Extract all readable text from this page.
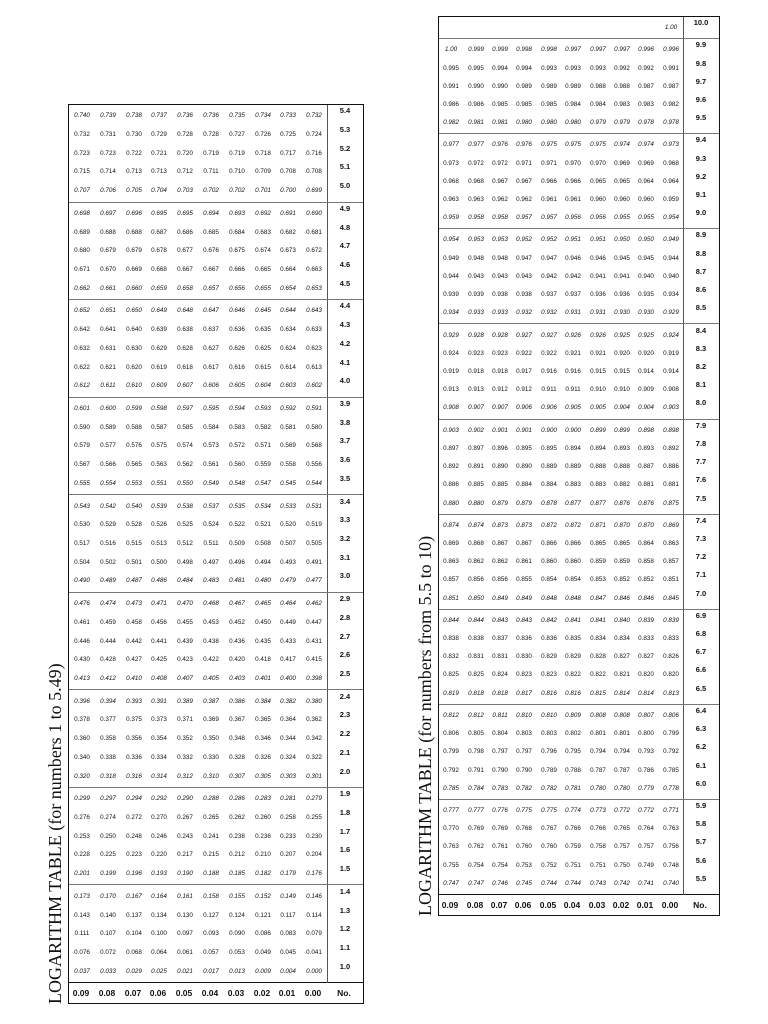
LOGARITHM TABLE (for numbers 1 to 5.49)	No.
0.00
0.01
0.02
0.03
0.04
0.05
0.06
0.07
0.08
0.09
1.0
0.000
0.004
0.009
0.013
0.017
0.021
0.025
0.029
0.033
0.037
1.1
0.041
0.045
0.049
0.053
0.057
0.061
0.064
0.068
0.072
0.076
1.2
0.079
0.083
0.086
0.090
0.093
0.097
0.100
0.104
0.107
0.111
1.3
0.114
0.117
0.121
0.124
0.127
0.130
0.134
0.137
0.140
0.143
1.4
0.146
0.149
0.152
0.155
0.158
0.161
0.164
0.167
0.170
0.173
1.5
0.176
0.179
0.182
0.185
0.188
0.190
0.193
0.196
0.199
0.201
1.6
0.204
0.207
0.210
0.212
0.215
0.217
0.220
0.223
0.225
0.228
1.7
0.230
0.233
0.236
0.238
0.241
0.243
0.246
0.248
0.250
0.253
1.8
0.255
0.258
0.260
0.262
0.265
0.267
0.270
0.272
0.274
0.276
1.9
0.279
0.281
0.283
0.286
0.288
0.290
0.292
0.294
0.297
0.299
2.0
0.301
0.303
0.305
0.307
0.310
0.312
0.314
0.316
0.318
0.320
2.1
0.322
0.324
0.326
0.328
0.330
0.332
0.334
0.336
0.338
0.340
2.2
0.342
0.344
0.346
0.348
0.350
0.352
0.354
0.356
0.358
0.360
2.3
0.362
0.364
0.365
0.367
0.369
0.371
0.373
0.375
0.377
0.378
2.4
0.380
0.382
0.384
0.386
0.387
0.389
0.391
0.393
0.394
0.396
2.5
0.398
0.400
0.401
0.403
0.405
0.407
0.408
0.410
0.412
0.413
2.6
0.415
0.417
0.418
0.420
0.422
0.423
0.425
0.427
0.428
0.430
2.7
0.431
0.433
0.435
0.436
0.438
0.439
0.441
0.442
0.444
0.446
2.8
0.447
0.449
0.450
0.452
0.453
0.455
0.456
0.458
0.459
0.461
2.9
0.462
0.464
0.465
0.467
0.468
0.470
0.471
0.473
0.474
0.476
3.0
0.477
0.479
0.480
0.481
0.483
0.484
0.486
0.487
0.489
0.490
3.1
0.491
0.493
0.494
0.496
0.497
0.498
0.500
0.501
0.502
0.504
3.2
0.505
0.507
0.508
0.509
0.511
0.512
0.513
0.515
0.516
0.517
3.3
0.519
0.520
0.521
0.522
0.524
0.525
0.526
0.528
0.529
0.530
3.4
0.531
0.533
0.534
0.535
0.537
0.538
0.539
0.540
0.542
0.543
3.5
0.544
0.545
0.547
0.548
0.549
0.550
0.551
0.553
0.554
0.555
3.6
0.556
0.558
0.559
0.560
0.561
0.562
0.563
0.565
0.566
0.567
3.7
0.568
0.569
0.571
0.572
0.573
0.574
0.575
0.576
0.577
0.579
3.8
0.580
0.581
0.582
0.583
0.584
0.585
0.587
0.588
0.589
0.590
3.9
0.591
0.592
0.593
0.594
0.595
0.597
0.598
0.599
0.600
0.601
4.0
0.602
0.603
0.604
0.605
0.606
0.607
0.609
0.610
0.611
0.612
4.1
0.613
0.614
0.615
0.616
0.617
0.618
0.619
0.620
0.621
0.622
4.2
0.623
0.624
0.625
0.626
0.627
0.628
0.629
0.630
0.631
0.632
4.3
0.633
0.634
0.635
0.636
0.637
0.638
0.639
0.640
0.641
0.642
4.4
0.643
0.644
0.645
0.646
0.647
0.648
0.649
0.650
0.651
0.652
4.5
0.653
0.654
0.655
0.656
0.657
0.658
0.659
0.660
0.661
0.662
4.6
0.663
0.664
0.665
0.666
0.667
0.667
0.668
0.669
0.670
0.671
4.7
0.672
0.673
0.674
0.675
0.676
0.677
0.678
0.679
0.679
0.680
4.8
0.681
0.682
0.683
0.684
0.685
0.686
0.687
0.688
0.688
0.689
4.9
0.690
0.691
0.692
0.693
0.694
0.695
0.695
0.696
0.697
0.698
5.0
0.699
0.700
0.701
0.702
0.702
0.703
0.704
0.705
0.706
0.707
5.1
0.708
0.708
0.709
0.710
0.711
0.712
0.713
0.713
0.714
0.715
5.2
0.716
0.717
0.718
0.719
0.719
0.720
0.721
0.722
0.723
0.723
5.3
0.724
0.725
0.726
0.727
0.728
0.728
0.729
0.730
0.731
0.732
5.4
0.732
0.733
0.734
0.735
0.736
0.736
0.737
0.738
0.739
0.740
LOGARITHM TABLE (for numbers from 5.5 to 10)	No.
0.00
0.01
0.02
0.03
0.04
0.05
0.06
0.07
0.08
0.09
5.5
0.740
0.741
0.742
0.743
0.744
0.744
0.745
0.746
0.747
0.747
5.6
0.748
0.749
0.750
0.751
0.751
0.752
0.753
0.754
0.754
0.755
5.7
0.756
0.757
0.757
0.758
0.759
0.760
0.760
0.761
0.762
0.763
5.8
0.763
0.764
0.765
0.766
0.766
0.767
0.768
0.769
0.769
0.770
5.9
0.771
0.772
0.772
0.773
0.774
0.775
0.775
0.776
0.777
0.777
6.0
0.778
0.779
0.780
0.780
0.781
0.782
0.782
0.783
0.784
0.785
6.1
0.785
0.786
0.787
0.787
0.788
0.789
0.790
0.790
0.791
0.792
6.2
0.792
0.793
0.794
0.794
0.795
0.796
0.797
0.797
0.798
0.799
6.3
0.799
0.800
0.801
0.801
0.802
0.803
0.803
0.804
0.805
0.806
6.4
0.806
0.807
0.808
0.808
0.809
0.810
0.810
0.811
0.812
0.812
6.5
0.813
0.814
0.814
0.815
0.816
0.816
0.817
0.818
0.818
0.819
6.6
0.820
0.820
0.821
0.822
0.822
0.823
0.823
0.824
0.825
0.825
6.7
0.826
0.827
0.827
0.828
0.829
0.829
0.830
0.831
0.831
0.832
6.8
0.833
0.833
0.834
0.834
0.835
0.836
0.836
0.837
0.838
0.838
6.9
0.839
0.839
0.840
0.841
0.841
0.842
0.843
0.843
0.844
0.844
7.0
0.845
0.846
0.846
0.847
0.848
0.848
0.849
0.849
0.850
0.851
7.1
0.851
0.852
0.852
0.853
0.854
0.854
0.855
0.856
0.856
0.857
7.2
0.857
0.858
0.859
0.859
0.860
0.860
0.861
0.862
0.862
0.863
7.3
0.863
0.864
0.865
0.865
0.866
0.866
0.867
0.867
0.868
0.869
7.4
0.869
0.870
0.870
0.871
0.872
0.872
0.873
0.873
0.874
0.874
7.5
0.875
0.876
0.876
0.877
0.877
0.878
0.879
0.879
0.880
0.880
7.6
0.881
0.881
0.882
0.883
0.883
0.884
0.884
0.885
0.885
0.886
7.7
0.886
0.887
0.888
0.888
0.889
0.889
0.890
0.890
0.891
0.892
7.8
0.892
0.893
0.893
0.894
0.894
0.895
0.895
0.896
0.897
0.897
7.9
0.898
0.898
0.899
0.899
0.900
0.900
0.901
0.901
0.902
0.903
8.0
0.903
0.904
0.904
0.905
0.905
0.906
0.906
0.907
0.907
0.908
8.1
0.908
0.909
0.910
0.910
0.911
0.911
0.912
0.912
0.913
0.913
8.2
0.914
0.914
0.915
0.915
0.916
0.916
0.917
0.918
0.918
0.919
8.3
0.919
0.920
0.920
0.921
0.921
0.922
0.922
0.923
0.923
0.924
8.4
0.924
0.925
0.925
0.926
0.926
0.927
0.927
0.928
0.928
0.929
8.5
0.929
0.930
0.930
0.931
0.931
0.932
0.932
0.933
0.933
0.934
8.6
0.934
0.935
0.936
0.936
0.937
0.937
0.938
0.938
0.939
0.939
8.7
0.940
0.940
0.941
0.941
0.942
0.942
0.943
0.943
0.943
0.944
8.8
0.944
0.945
0.945
0.946
0.946
0.947
0.947
0.948
0.948
0.949
8.9
0.949
0.950
0.950
0.951
0.951
0.952
0.952
0.953
0.953
0.954
9.0
0.954
0.955
0.955
0.956
0.956
0.957
0.957
0.958
0.958
0.959
9.1
0.959
0.960
0.960
0.960
0.961
0.961
0.962
0.962
0.963
0.963
9.2
0.964
0.964
0.965
0.965
0.966
0.966
0.967
0.967
0.968
0.968
9.3
0.968
0.969
0.969
0.970
0.970
0.971
0.971
0.972
0.972
0.973
9.4
0.973
0.974
0.974
0.975
0.975
0.975
0.976
0.976
0.977
0.977
9.5
0.978
0.978
0.979
0.979
0.980
0.980
0.980
0.981
0.981
0.982
9.6
0.982
0.983
0.983
0.984
0.984
0.985
0.985
0.985
0.986
0.986
9.7
0.987
0.987
0.988
0.988
0.989
0.989
0.989
0.990
0.990
0.991
9.8
0.991
0.992
0.992
0.993
0.993
0.993
0.994
0.994
0.995
0.995
9.9
0.996
0.996
0.997
0.997
0.997
0.998
0.998
0.999
0.999
1.00
10.0
1.00
